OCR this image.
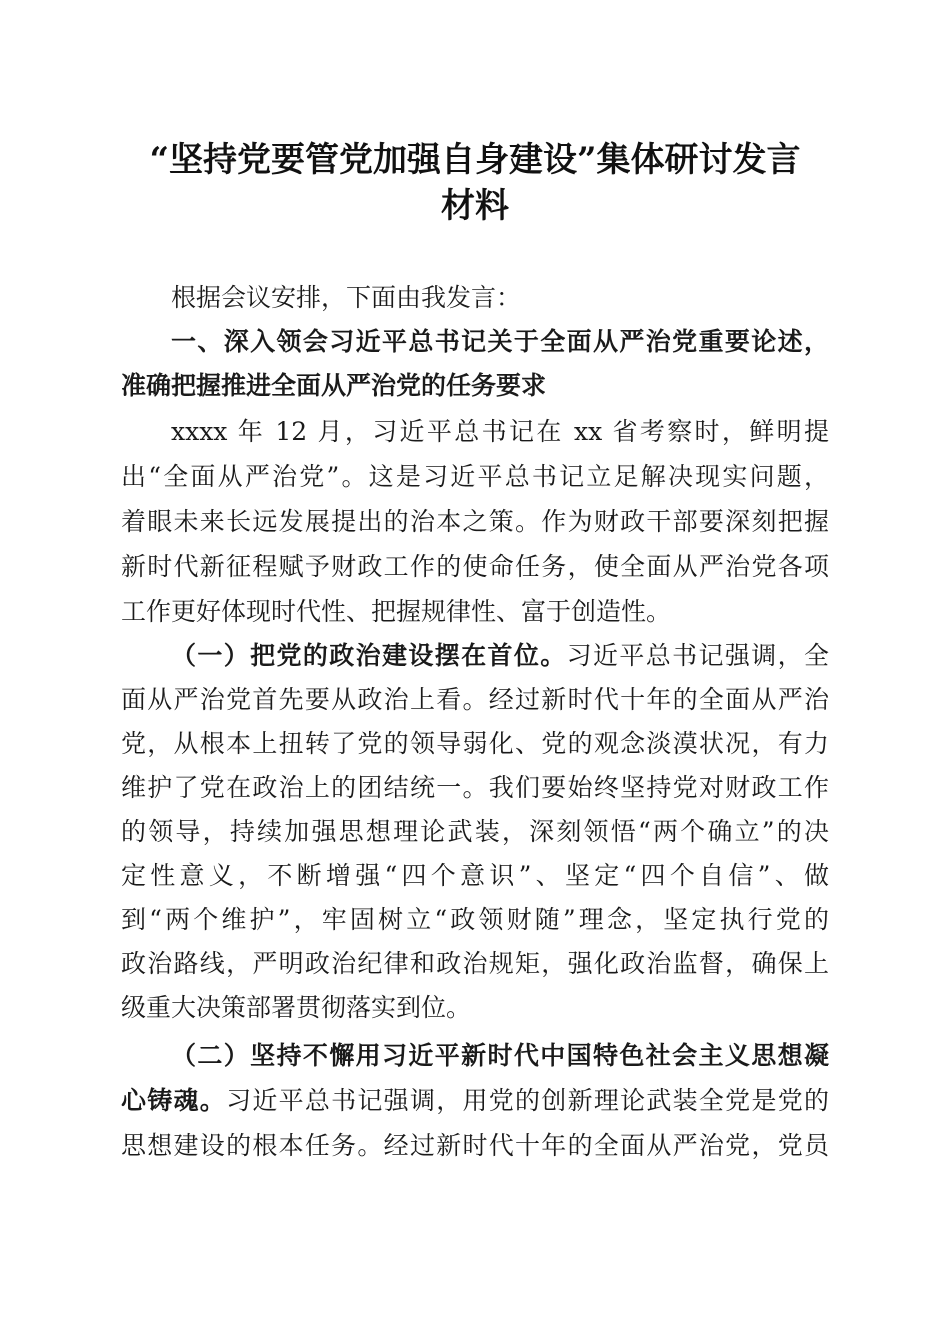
“坚持党要管党加强自身建设”集体研讨发言
材料
根据会议安排，下面由我发言：
一、深入领会习近平总书记关于全面从严治党重要论述，
准确把握推进全面从严治党的任务要求
xxxx 年 12 月，习近平总书记在 xx 省考察时，鲜明提
出“全面从严治党”。这是习近平总书记立足解决现实问题，
着眼未来长远发展提出的治本之策。作为财政干部要深刻把握
新时代新征程赋予财政工作的使命任务，使全面从严治党各项
工作更好体现时代性、把握规律性、富于创造性。
（一）把党的政治建设摆在首位。习近平总书记强调，全
面从严治党首先要从政治上看。经过新时代十年的全面从严治
党，从根本上扭转了党的领导弱化、党的观念淡漠状况，有力
维护了党在政治上的团结统一。我们要始终坚持党对财政工作
的领导，持续加强思想理论武装，深刻领悟“两个确立”的决
定性意义，不断增强“四个意识”、坚定“四个自信”、做
到“两个维护”，牢固树立“政领财随”理念，坚定执行党的
政治路线，严明政治纪律和政治规矩，强化政治监督，确保上
级重大决策部署贯彻落实到位。
（二）坚持不懈用习近平新时代中国特色社会主义思想凝
心铸魂。习近平总书记强调，用党的创新理论武装全党是党的
思想建设的根本任务。经过新时代十年的全面从严治党，党员
